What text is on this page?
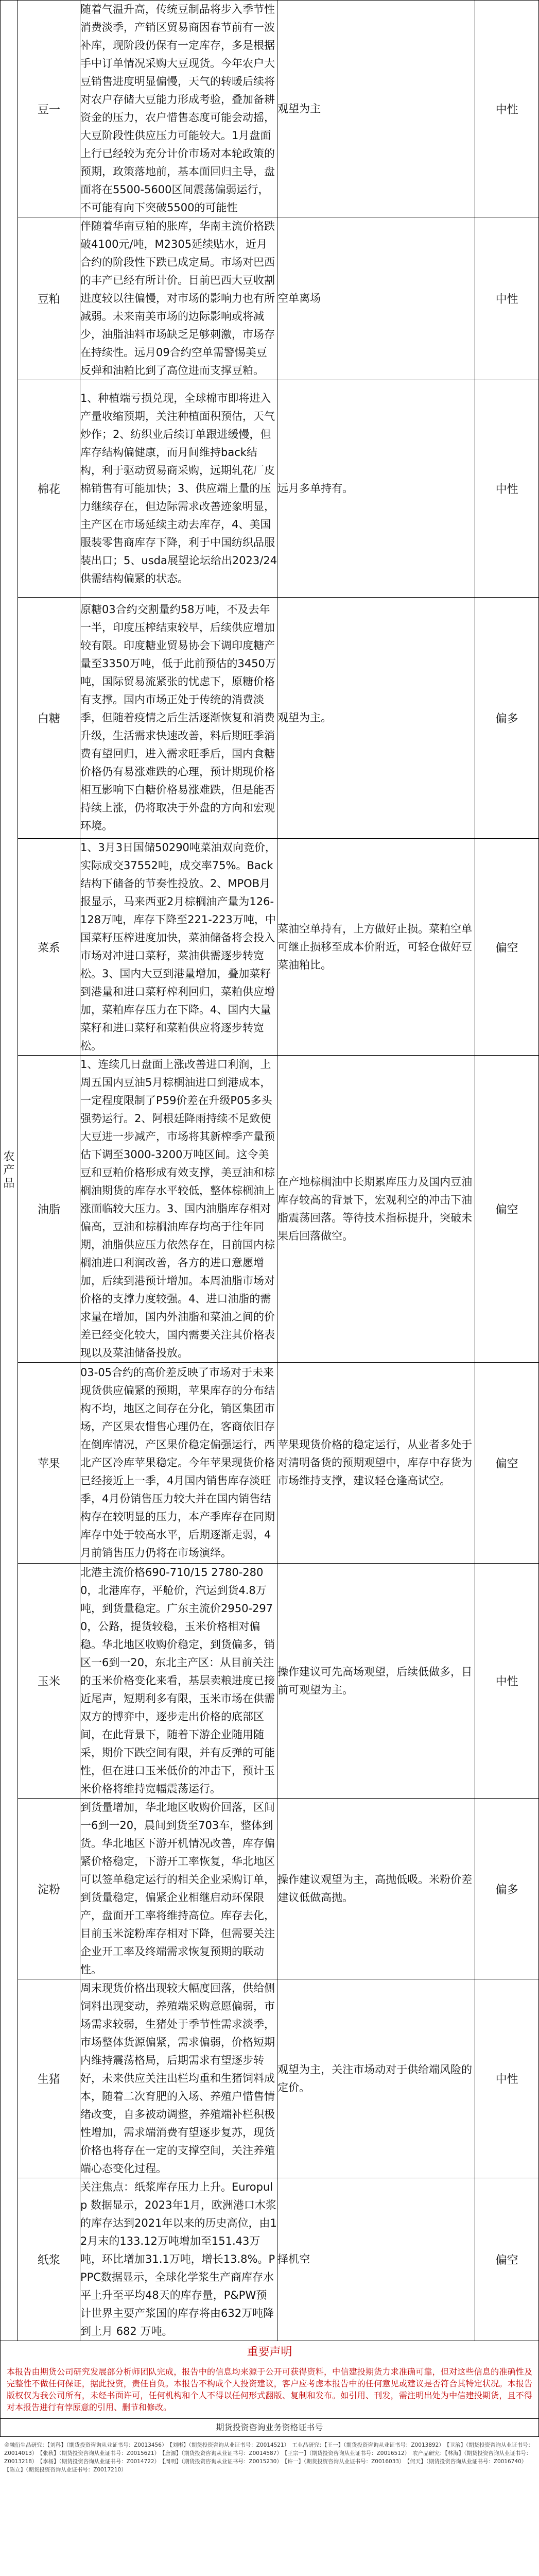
农产品	豆一	随着气温升高，传统豆制品将步入季节性消费淡季，产销区贸易商因春节前有一波补库，现阶段仍保有一定库存，多是根据手中订单情况采购大豆现货。今年农户大豆销售进度明显偏慢，天气的转暖后续将对农户存储大豆能力形成考验，叠加备耕资金的压力，农户惜售态度可能会动摇，大豆阶段性供应压力可能较大。1月盘面上行已经较为充分计价市场对本轮政策的预期，政策落地前，基本面回归主导，盘面将在5500-5600区间震荡偏弱运行，不可能有向下突破5500的可能性	观望为主	中性

	豆粕	伴随着华南豆粕的胀库，华南主流价格跌破4100元/吨，M2305延续贴水，近月合约的阶段性下跌已成定局。市场对巴西的丰产已经有所计价。目前巴西大豆收割进度较以往偏慢，对市场的影响力也有所减弱。未来南美市场的边际影响或将减少，油脂油料市场缺乏足够刺激，市场存在持续性。远月09合约空单需警惕美豆反弹和油粕比到了高位进而支撑豆粕。	空单离场	中性

	棉花	1、种植端亏损兑现，全球棉市即将进入产量收缩预期，关注种植面积预估，天气炒作；2、纺织业后续订单跟进缓慢，但库存结构偏健康，而月间维持back结构，利于驱动贸易商采购，远期轧花厂皮棉销售有可能加快；3、供应端上量的压力继续存在，但边际需求改善迹象明显，主产区在市场延续主动去库存，4、美国服装零售商库存下降，利于中国纺织品服装出口；5、usda展望论坛给出2023/24供需结构偏紧的状态。	远月多单持有。	中性

	白糖	原糖03合约交割量约58万吨，不及去年一半，印度压榨结束较早，后续供应增加较有限。印度糖业贸易协会下调印度糖产量至3350万吨，低于此前预估的3450万吨，国际贸易流紧张的忧虑下，原糖价格有支撑。国内市场正处于传统的消费淡季，但随着疫情之后生活逐渐恢复和消费升级，生活需求快速改善，料后期旺季消费有望回归，进入需求旺季后，国内食糖价格仍有易涨难跌的心理，预计期现价格相互影响下白糖价格易涨难跌，但是能否持续上涨，仍将取决于外盘的方向和宏观环境。	观望为主。	偏多

	菜系	1、3月3日国储50290吨菜油双向竞价，实际成交37552吨，成交率75%。Back结构下储备的节奏性投放。2、MPOB月报显示，马来西亚2月棕榈油产量为126-128万吨，库存下降至221-223万吨，中国菜籽压榨进度加快，菜油储备将会投入市场对冲进口菜籽，菜油供需逐步转宽松。3、国内大豆到港量增加，叠加菜籽到港量和进口菜籽榨利回归，菜粕供应增加，菜粕库存压力在下降。4、国内大量菜籽和进口菜籽和菜粕供应将逐步转宽松。	菜油空单持有，上方做好止损。菜粕空单可继止损移至成本价附近，可轻仓做好豆菜油粕比。	偏空

	油脂	1、连续几日盘面上涨改善进口利润，上周五国内豆油5月棕榈油进口到港成本，一定程度限制了P59价差在升级P05多头强势运行。2、阿根廷降雨持续不足致使大豆进一步减产，市场将其新榨季产量预估下调至3000-3200万吨区间。这令美豆和豆粕价格形成有效支撑，美豆油和棕榈油期货的库存水平较低，整体棕榈油上涨面临较大压力。3、国内油脂库存相对偏高，豆油和棕榈油库存均高于往年同期，油脂供应压力依然存在，目前国内棕榈油进口利润改善，各方的进口意愿增加，后续到港预计增加。本周油脂市场对价格的支撑力度较强。4、进口油脂的需求量在增加，国内外油脂和菜油之间的价差已经变化较大，国内需要关注其价格表现以及菜油储备投放。	在产地棕榈油中长期累库压力及国内豆油库存较高的背景下，宏观利空的冲击下油脂震荡回落。等待技术指标提升，突破未果后回落做空。	偏空

	苹果	03-05合约的高价差反映了市场对于未来现货供应偏紧的预期，苹果库存的分布结构不均，地区之间存在分化，销区集团市场，产区果农惜售心理仍在，客商依旧存在倒库情况，产区果价稳定偏强运行，西北产区冷库苹果稳定。今年苹果现货价格已经接近上一季，4月国内销售库存淡旺季，4月份销售压力较大并在国内销售结构存在较明显的压力，本产季库存在同期库存中处于较高水平，后期逐渐走弱，4月前销售压力仍将在市场演绎。	苹果现货价格的稳定运行，从业者多处于对清明备货的预期观望中，库存中存货为市场维持支撑，建议轻仓逢高试空。	偏空

	玉米	北港主流价格690-710/15 2780-2800，北港库存，平舱价，汽运到货4.8万吨，到货量稳定。广东主流价2950-2970，公路，提货较稳，玉米价格相对偏稳。华北地区收购价稳定，到货偏多，销区一6到一20，东北主产区：从目前关注的玉米价格变化来看，基层卖粮进度已接近尾声，短期利多有限，玉米市场在供需双方的博弈中，逐步走出价格的底部区间，在此背景下，随着下游企业随用随采，期价下跌空间有限，并有反弹的可能性，但在进口玉米低价的冲击下，预计玉米价格将维持宽幅震荡运行。	操作建议可先高场观望，后续低做多，目前可观望为主。	中性

	淀粉	到货量增加，华北地区收购价回落，区间一6到一20，晨间到货至703车，整体到货。华北地区下游开机情况改善，库存偏紧价格稳定，下游开工率恢复，华北地区可以签单稳定运行的相关企业采购订单，到货量稳定，偏紧企业相继启动环保限产，盘面开工率将维持高位。库存去化，目前玉米淀粉库存相对下降，但需要关注企业开工率及终端需求恢复预期的联动性。	操作建议观望为主，高抛低吸。米粉价差建议低做高抛。	偏多

	生猪	周末现货价格出现较大幅度回落，供给侧饲料出现变动，养殖端采购意愿偏弱，市场需求较弱，生猪处于季节性需求淡季，市场整体货源偏紧，需求偏弱，价格短期内维持震荡格局，后期需求有望逐步转好，未来供应关注出栏均重和生猪饲料成本，随着二次育肥的入场、养殖户惜售情绪改变，自多被动调整，养殖端补栏积极性增加，需求端消费有望逐步复苏，现货价格也将存在一定的支撑空间，关注养殖端心态变化过程。	观望为主，关注市场动对于供给端风险的定价。	中性

	纸浆	关注焦点：纸浆库存压力上升。Europulp 数据显示，2023年1月，欧洲港口木浆的库存达到2021年以来的历史高位，由12月末的133.12万吨增加至151.43万吨，环比增加31.1万吨，增长13.8%。PPPC数据显示，全球化学浆生产商库存水平上升至平均48天的库存量，P&PW预计世界主要产浆国的库存将由632万吨降到上月 682 万吨。	择机空	偏空
重要声明
本报告由期货公司研究发展部分析师团队完成，报告中的信息均来源于公开可获得资料，中信建投期货力求准确可靠，但对这些信息的准确性及完整性不做任何保证，据此投资，责任自负。本报告不构成个人投资建议，客户应考虑本报告中的任何意见或建议是否符合其特定状况。本报告版权仅为我公司所有，未经书面许可，任何机构和个人不得以任何形式翻版、复制和发布。如引用、刊发，需注明出处为中信建投期货，且不得对本报告进行有悖原意的引用、删节和修改。
期货投资咨询业务资格证书号
金融衍生品研究：【刘科】（期货投资咨询从业证书号：Z0013456）　【刘彬】（期货投资咨询从业证书号：Z0014521）　工业品研究：【王一】（期货投资咨询从业证书号：Z0013892）　【卫治】（期货投资咨询从业证书号：Z0014013）　【张秋】（期货投资咨询从业证书号：Z0015621）　【唐源】（期货投资咨询从业证书号：Z0014587）　【王宗一】（期货投资咨询从业证书号：Z0016512）　农产品研究：【林海】（期货投资咨询从业证书号：Z0013218）　【李杨】（期货投资咨询从业证书号：Z0014722）　【周明】（期货投资咨询从业证书号：Z0015230）　【许一】（期货投资咨询从业证书号：Z0016033）　【何天】（期货投资咨询从业证书号：Z0016740）　【陈立】（期货投资咨询从业证书号：Z0017210）
